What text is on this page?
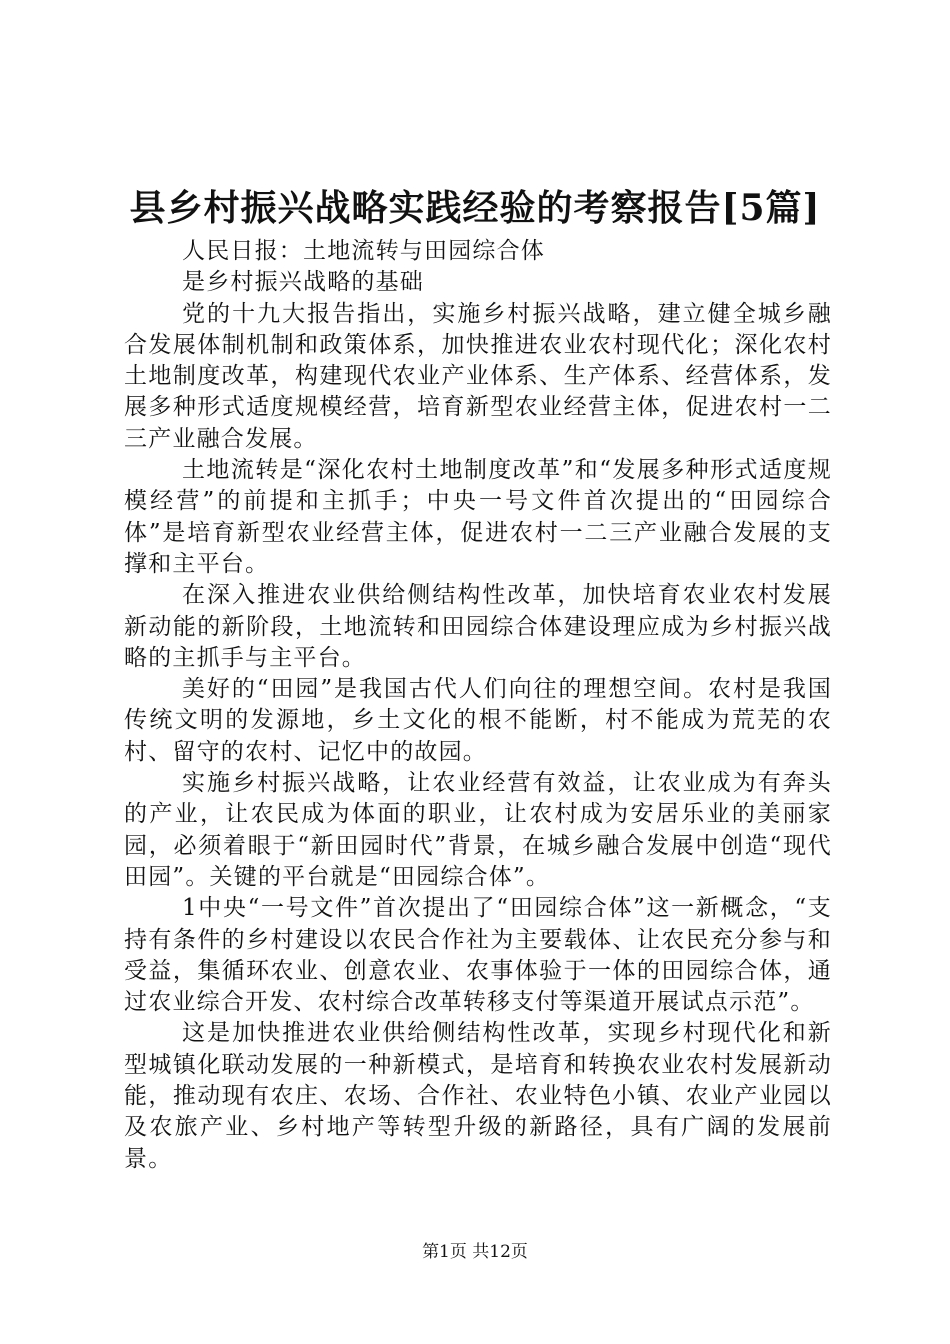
县乡村振兴战略实践经验的考察报告[5篇]

人民日报：土地流转与田园综合体

是乡村振兴战略的基础

党的十九大报告指出，实施乡村振兴战略，建立健全城乡融合发展体制机制和政策体系，加快推进农业农村现代化；深化农村土地制度改革，构建现代农业产业体系、生产体系、经营体系，发展多种形式适度规模经营，培育新型农业经营主体，促进农村一二三产业融合发展。

土地流转是“深化农村土地制度改革”和“发展多种形式适度规模经营”的前提和主抓手；中央一号文件首次提出的“田园综合体”是培育新型农业经营主体，促进农村一二三产业融合发展的支撑和主平台。

在深入推进农业供给侧结构性改革，加快培育农业农村发展新动能的新阶段，土地流转和田园综合体建设理应成为乡村振兴战略的主抓手与主平台。

美好的“田园”是我国古代人们向往的理想空间。农村是我国传统文明的发源地，乡土文化的根不能断，村不能成为荒芜的农村、留守的农村、记忆中的故园。

实施乡村振兴战略，让农业经营有效益，让农业成为有奔头的产业，让农民成为体面的职业，让农村成为安居乐业的美丽家园，必须着眼于“新田园时代”背景，在城乡融合发展中创造“现代田园”。关键的平台就是“田园综合体”。

1中央“一号文件”首次提出了“田园综合体”这一新概念，“支持有条件的乡村建设以农民合作社为主要载体、让农民充分参与和受益，集循环农业、创意农业、农事体验于一体的田园综合体，通过农业综合开发、农村综合改革转移支付等渠道开展试点示范”。

这是加快推进农业供给侧结构性改革，实现乡村现代化和新型城镇化联动发展的一种新模式，是培育和转换农业农村发展新动能，推动现有农庄、农场、合作社、农业特色小镇、农业产业园以及农旅产业、乡村地产等转型升级的新路径，具有广阔的发展前景。

第1页 共12页
